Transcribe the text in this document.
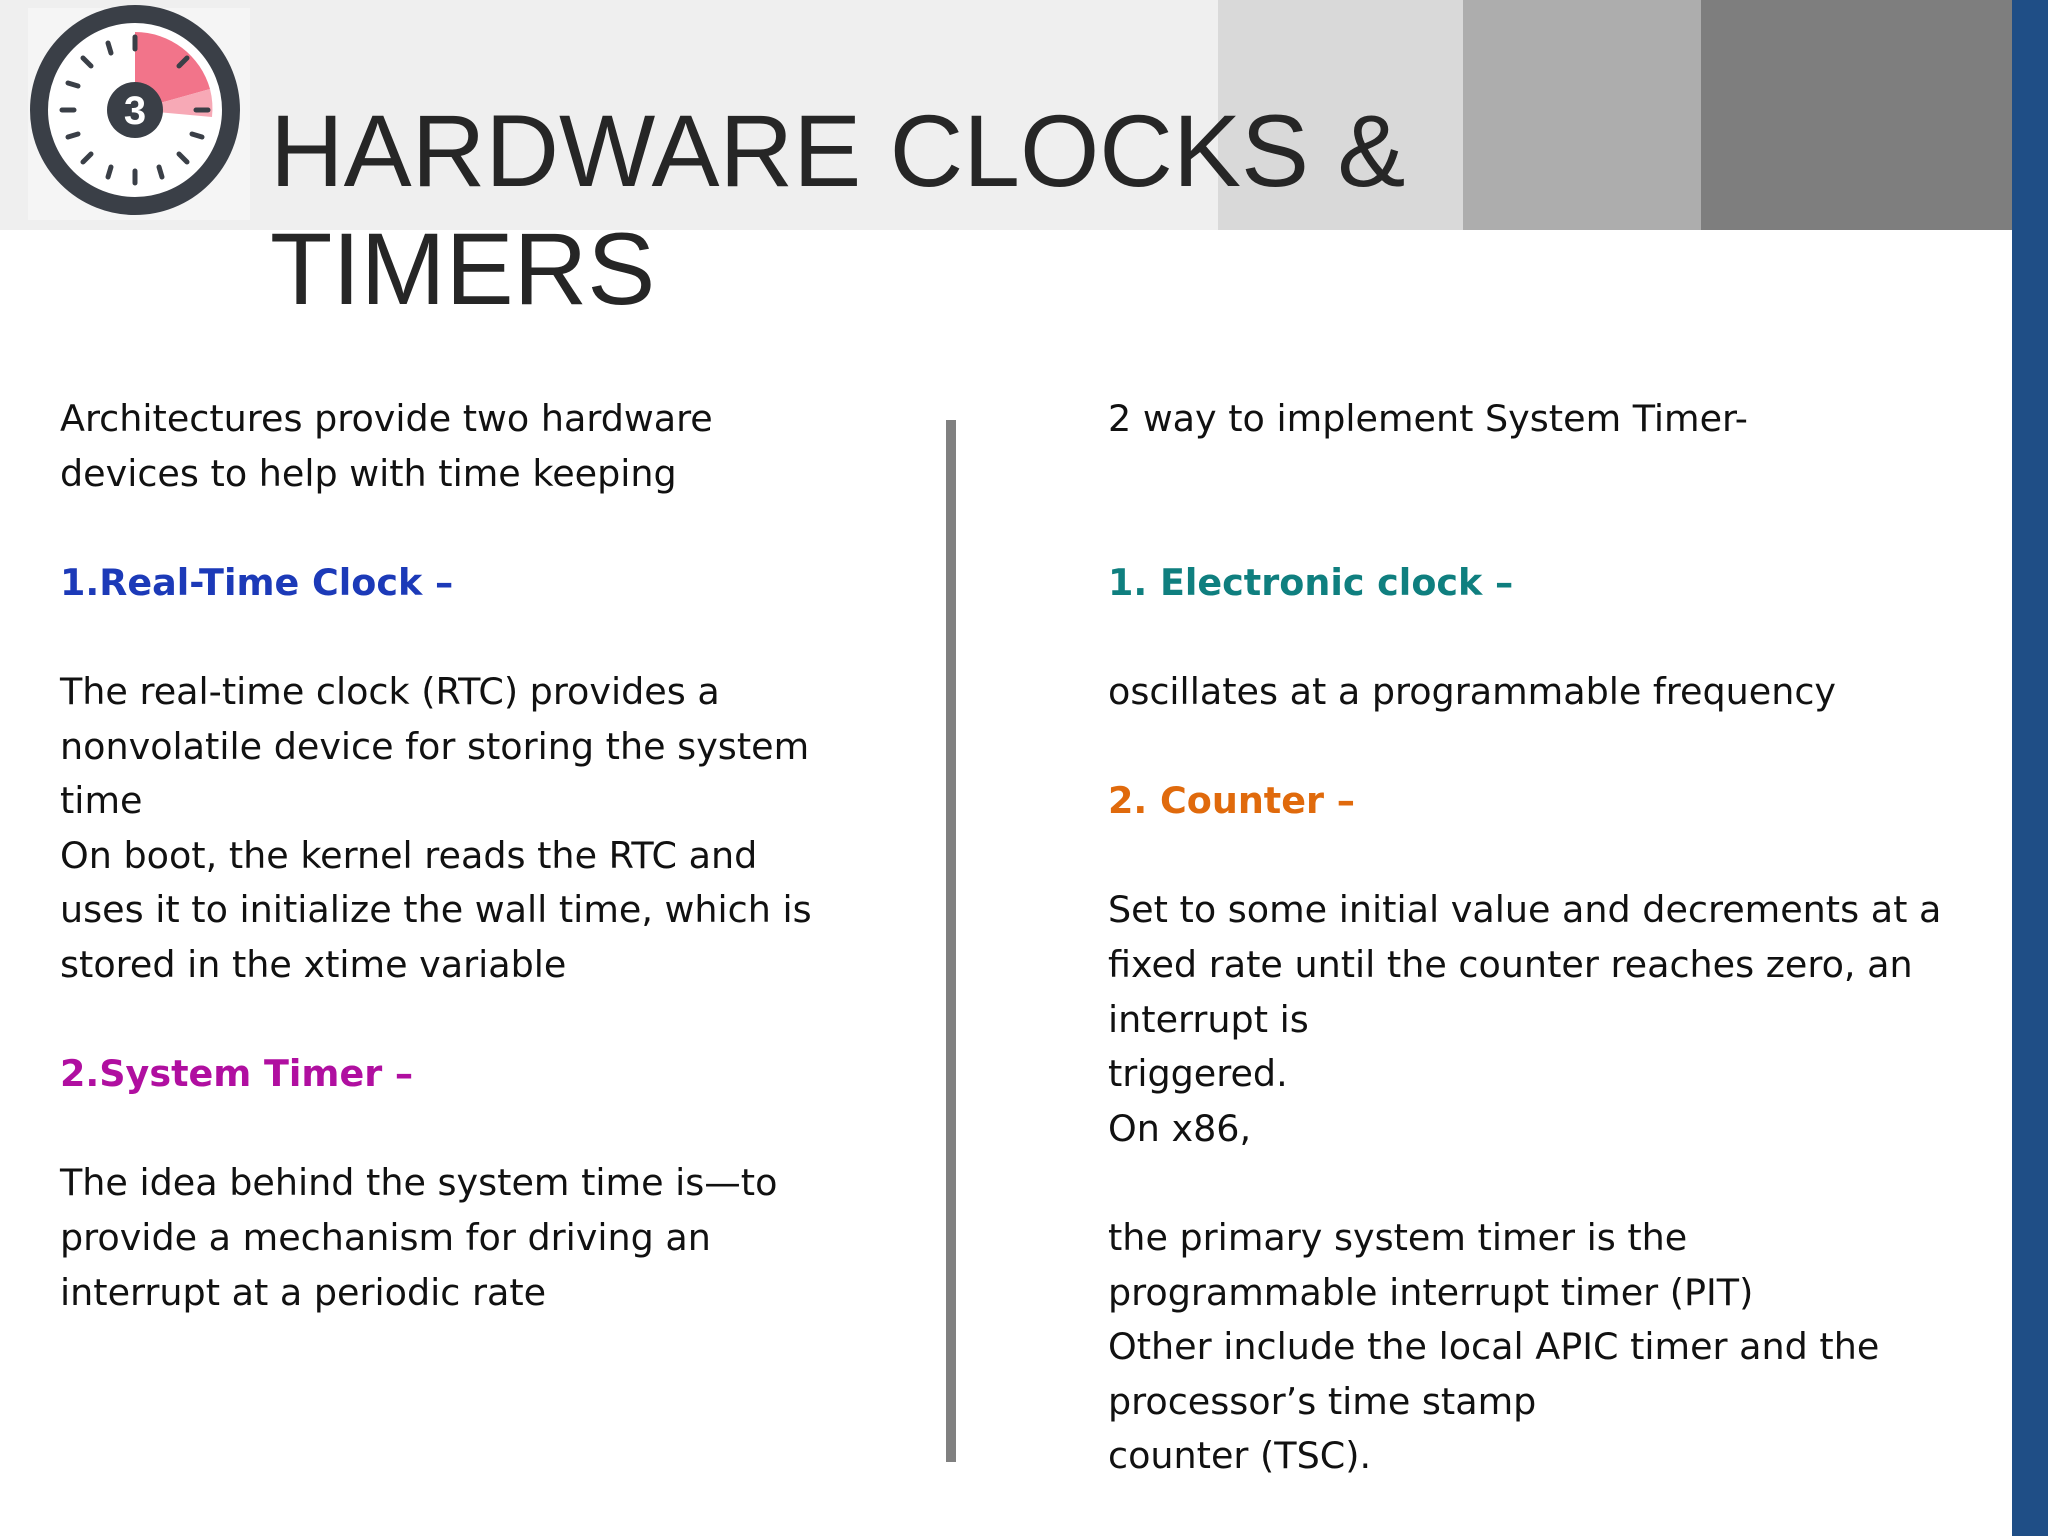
3 HARDWARE CLOCKS & TIMERS

Architectures provide two hardware
devices to help with time keeping

1.Real-Time Clock –

The real-time clock (RTC) provides a
nonvolatile device for storing the system
time
On boot, the kernel reads the RTC and
uses it to initialize the wall time, which is
stored in the xtime variable

2.System Timer –

The idea behind the system time is—to
provide a mechanism for driving an
interrupt at a periodic rate

2 way to implement System Timer-

1. Electronic clock –

oscillates at a programmable frequency

2. Counter –

Set to some initial value and decrements at a
fixed rate until the counter reaches zero, an
interrupt is
triggered.
On x86,

the primary system timer is the
programmable interrupt timer (PIT)
Other include the local APIC timer and the
processor’s time stamp
counter (TSC).
